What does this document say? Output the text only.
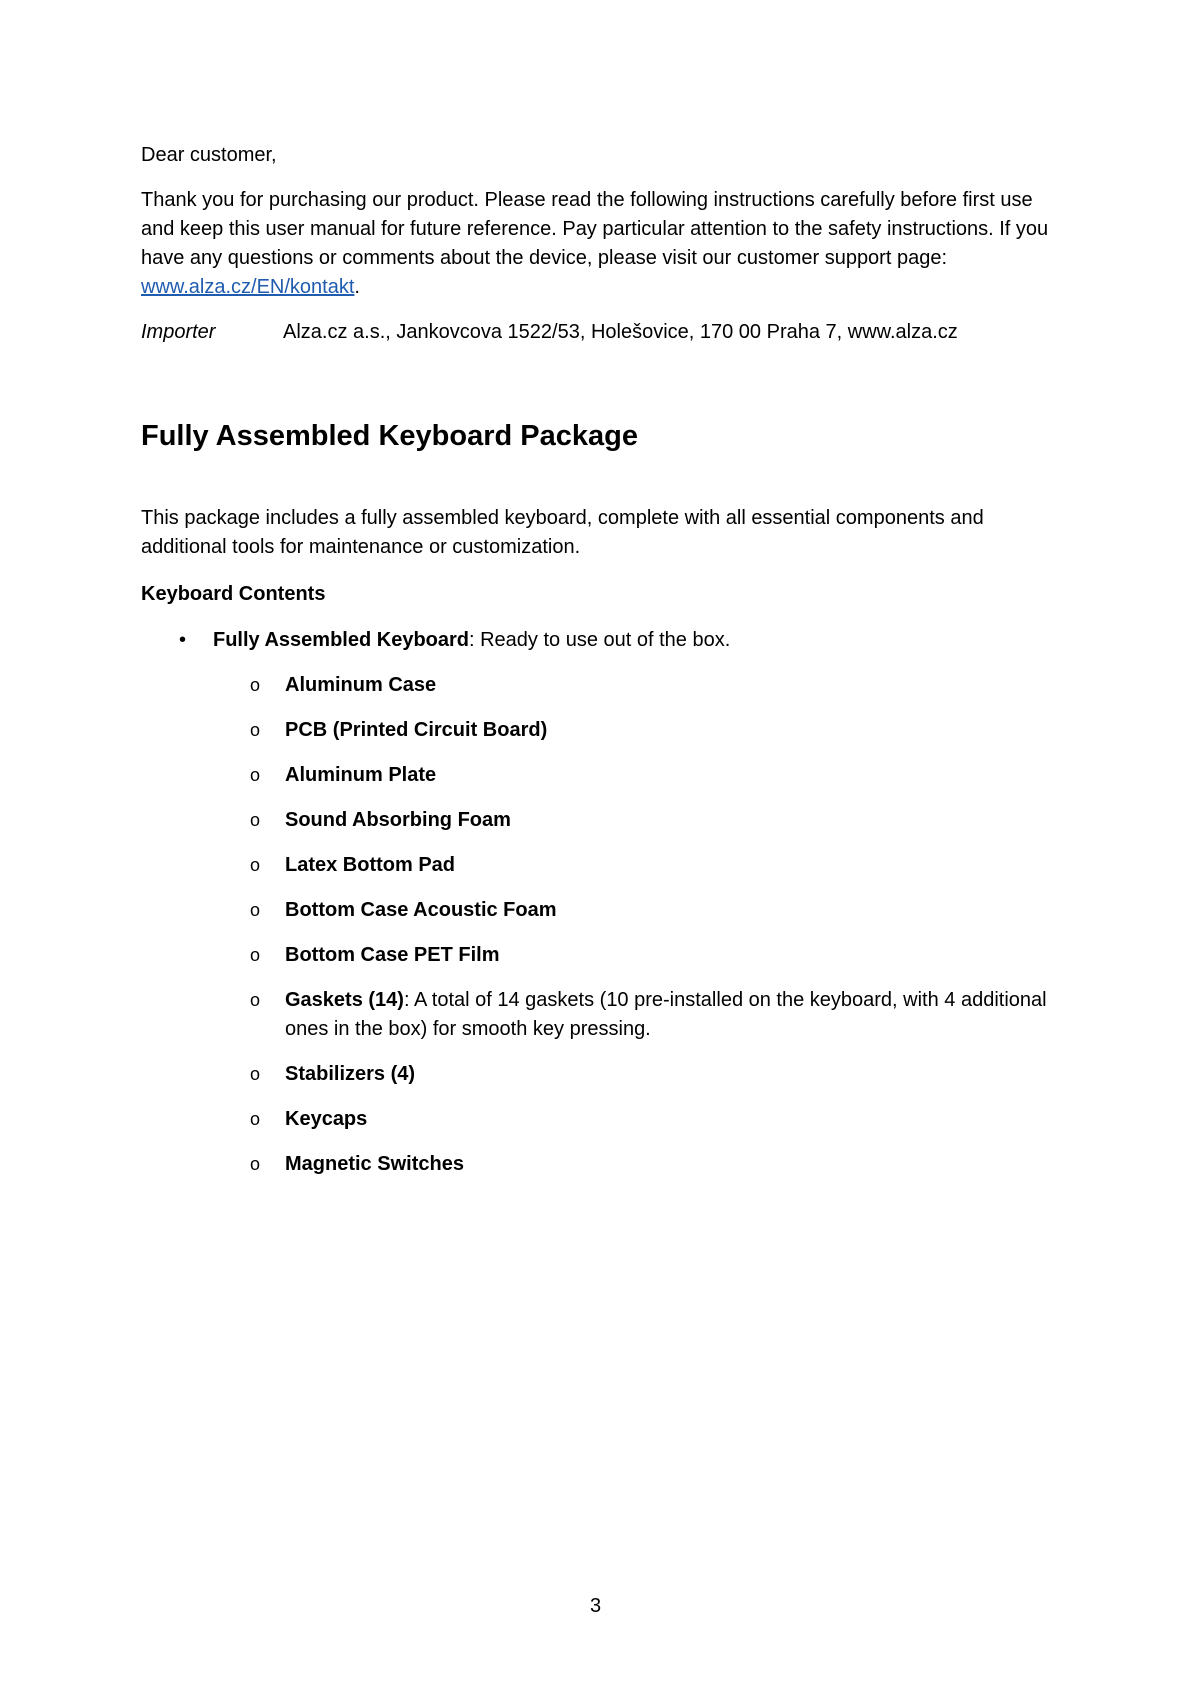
Dear customer,

Thank you for purchasing our product. Please read the following instructions carefully before first use and keep this user manual for future reference. Pay particular attention to the safety instructions. If you have any questions or comments about the device, please visit our customer support page: www.alza.cz/EN/kontakt.

Importer	Alza.cz a.s., Jankovcova 1522/53, Holešovice, 170 00 Praha 7, www.alza.cz
Fully Assembled Keyboard Package

This package includes a fully assembled keyboard, complete with all essential components and additional tools for maintenance or customization.

Keyboard Contents
• Fully Assembled Keyboard: Ready to use out of the box.
o Aluminum Case
o PCB (Printed Circuit Board)
o Aluminum Plate
o Sound Absorbing Foam
o Latex Bottom Pad
o Bottom Case Acoustic Foam
o Bottom Case PET Film
o Gaskets (14): A total of 14 gaskets (10 pre-installed on the keyboard, with 4 additional ones in the box) for smooth key pressing.
o Stabilizers (4)
o Keycaps
o Magnetic Switches
3
